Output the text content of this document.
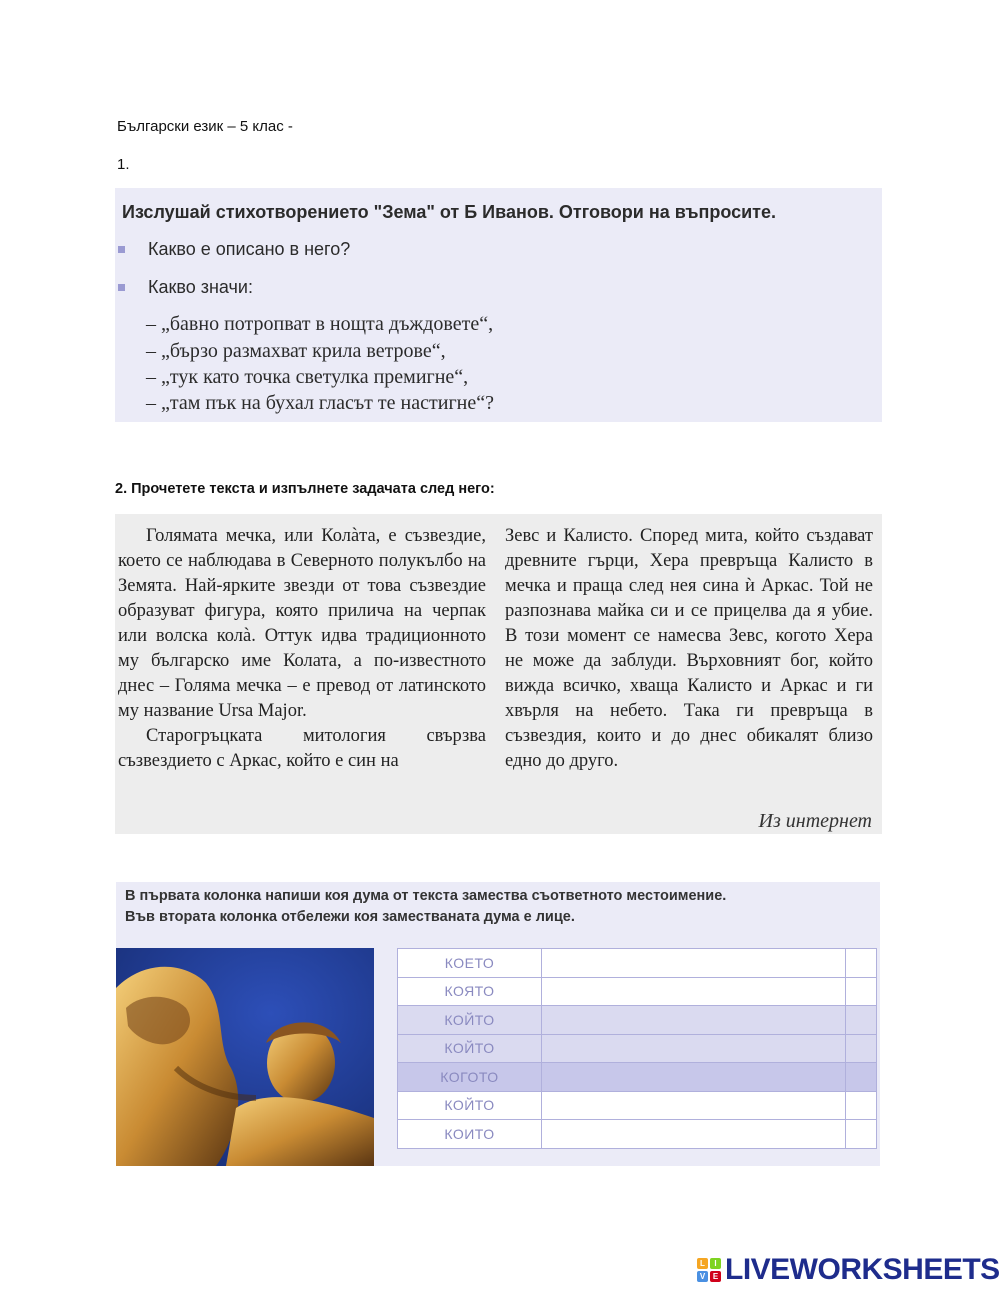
Български език – 5 клас -
1.
Изслушай стихотворението "Зема" от Б Иванов. Отговори на въпросите.
Какво е описано в него?
Какво значи:
– „бавно потропват в нощта дъждовете“,
– „бързо размахват крила ветрове“,
– „тук като точка светулка премигне“,
– „там пък на бухал гласът те настигне“?
2. Прочетете текста и изпълнете задачата след него:

Голямата мечка, или Колàта, е съзвездие, което се наблюдава в Северното полукълбо на Земята. Най-ярките звезди от това съзвездие образуват фигура, която прилича на черпак или волска колà. Оттук идва традиционното му българско име Колата, а по-известното днес – Голяма мечка – е превод от латинското му название Ursa Major.

Старогръцката митология свързва съзвездието с Аркас, който е син на

Зевс и Калисто. Според мита, който създават древните гърци, Хера превръща Калисто в мечка и праща след нея сина ѝ Аркас. Той не разпознава майка си и се прицелва да я убие. В този момент се намесва Зевс, когото Хера не може да заблуди. Върховният бог, който вижда всичко, хваща Калисто и Аркас и ги хвърля на небето. Така ги превръща в съзвездия, които и до днес обикалят близо едно до друго.

Из интернет
В първата колонка напиши коя дума от текста замества съответното местоимение.
Във втората колонка отбележи коя заместваната дума е лице.
КОЕТО		
КОЯТО		
КОЙТО		
КОЙТО		
КОГОТО		
КОЙТО		
КОИТО		
L	I
V E LIVEWORKSHEETS
